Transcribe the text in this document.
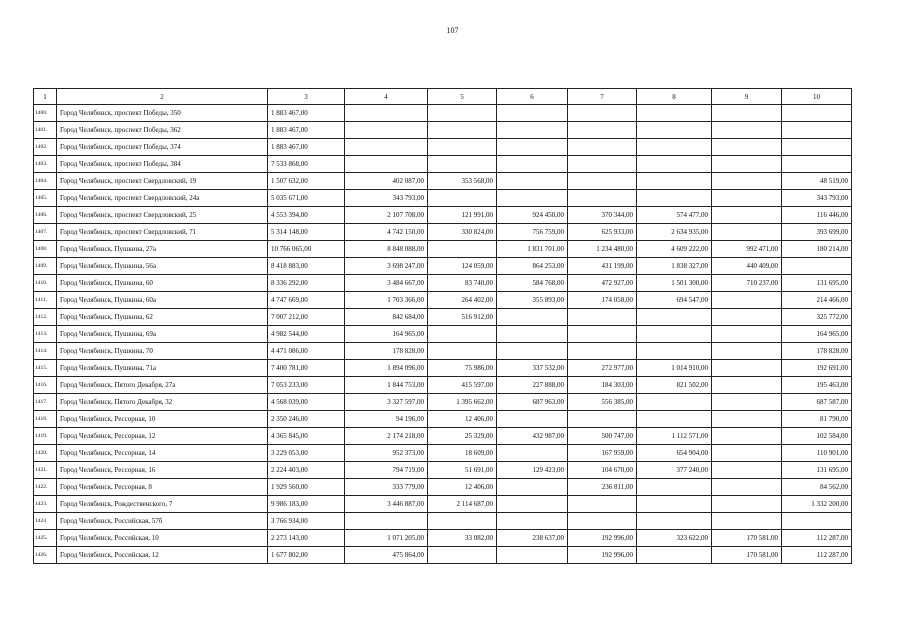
107
1	2	3	4	5	6	7	8	9	10
1400.	Город Челябинск, проспект Победы, 350	1 883 467,00							
1401.	Город Челябинск, проспект Победы, 362	1 883 467,00							
1402.	Город Челябинск, проспект Победы, 374	1 883 467,00							
1403.	Город Челябинск, проспект Победы, 384	7 533 868,00							
1404.	Город Челябинск, проспект Свердловский, 19	1 507 632,00	402 087,00	353 568,00					48 519,00
1405.	Город Челябинск, проспект Свердловский, 24а	5 035 671,00	343 793,00						343 793,00
1406.	Город Челябинск, проспект Свердловский, 25	4 553 394,00	2 107 708,00	121 991,00	924 450,00	370 344,00	574 477,00		116 446,00
1407.	Город Челябинск, проспект Свердловский, 71	5 314 148,00	4 742 150,00	330 824,00	756 759,00	625 933,00	2 634 935,00		393 699,00
1408.	Город Челябинск, Пушкина, 27а	10 766 065,00	8 848 088,00		1 831 701,00	1 234 480,00	4 609 222,00	992 471,00	180 214,00
1409.	Город Челябинск, Пушкина, 56а	8 418 883,00	3 698 247,00	124 059,00	864 253,00	431 199,00	1 838 327,00	440 409,00	
1410.	Город Челябинск, Пушкина, 60	8 336 292,00	3 484 667,00	83 740,00	584 768,00	472 927,00	1 501 300,00	710 237,00	131 695,00
1411.	Город Челябинск, Пушкина, 60а	4 747 669,00	1 703 366,00	264 402,00	355 893,00	174 058,00	694 547,00		214 466,00
1412.	Город Челябинск, Пушкина, 62	7 007 212,00	842 684,00	516 912,00					325 772,00
1413.	Город Челябинск, Пушкина, 69а	4 982 544,00	164 965,00						164 965,00
1414.	Город Челябинск, Пушкина, 70	4 471 086,00	178 828,00						178 828,00
1415.	Город Челябинск, Пушкина, 71а	7 400 781,00	1 894 096,00	75 986,00	337 532,00	272 977,00	1 014 910,00		192 691,00
1416.	Город Челябинск, Пятого Декабря, 27а	7 053 233,00	1 844 753,00	415 597,00	227 888,00	184 303,00	821 502,00		195 463,00
1417.	Город Челябинск, Пятого Декабря, 32	4 568 039,00	3 327 597,00	1 395 662,00	687 963,00	556 385,00			687 587,00
1418.	Город Челябинск, Рессорная, 10	2 350 246,00	94 196,00	12 406,00					81 790,00
1419.	Город Челябинск, Рессорная, 12	4 365 845,00	2 174 218,00	25 329,00	432 987,00	500 747,00	1 112 571,00		102 584,00
1420.	Город Челябинск, Рессорная, 14	3 229 053,00	952 373,00	18 609,00		167 959,00	654 904,00		110 901,00
1421.	Город Челябинск, Рессорная, 16	2 224 403,00	794 719,00	51 691,00	129 423,00	104 670,00	377 240,00		131 695,00
1422.	Город Челябинск, Рессорная, 8	1 929 560,00	333 779,00	12 406,00		236 811,00			84 562,00
1423.	Город Челябинск, Рождественского, 7	9 986 183,00	3 446 887,00	2 114 687,00					1 332 200,00
1424	Город Челябинск, Российская, 57б	3 766 934,00							
1425.	Город Челябинск, Российская, 10	2 273 143,00	1 071 205,00	33 082,00	238 637,00	192 996,00	323 622,00	170 581,00	112 287,00
1426.	Город Челябинск, Российская, 12	1 677 802,00	475 864,00			192 996,00		170 581,00	112 287,00
